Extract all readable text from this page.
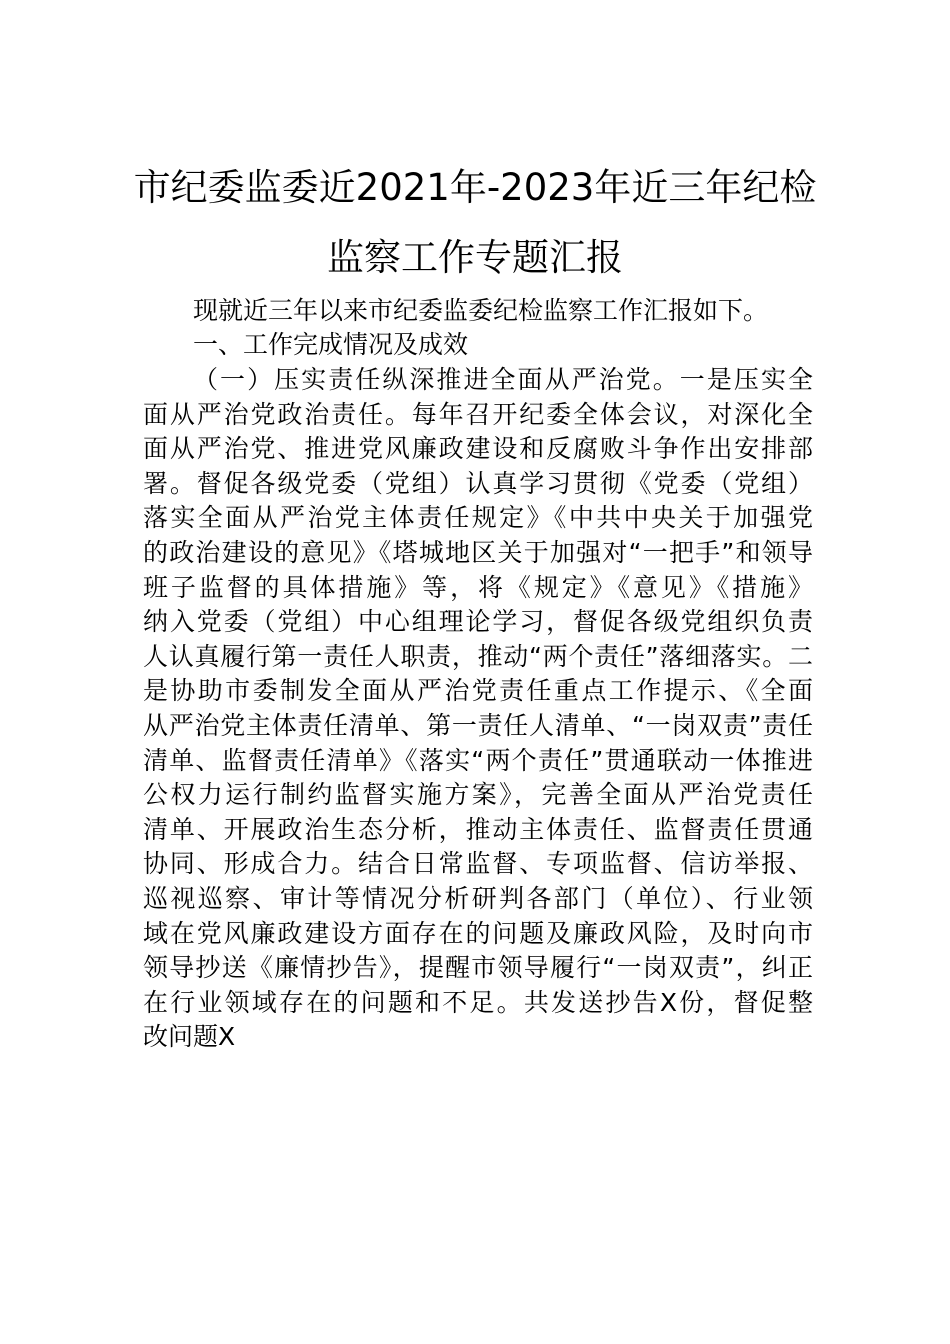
市纪委监委近2021年-2023年近三年纪检
监察工作专题汇报
现就近三年以来市纪委监委纪检监察工作汇报如下。
一、工作完成情况及成效
（一）压实责任纵深推进全面从严治党。一是压实全
面从严治党政治责任。每年召开纪委全体会议，对深化全
面从严治党、推进党风廉政建设和反腐败斗争作出安排部
署。督促各级党委（党组）认真学习贯彻《党委（党组）
落实全面从严治党主体责任规定》《中共中央关于加强党
的政治建设的意见》《塔城地区关于加强对“一把手”和领导
班子监督的具体措施》等，将《规定》《意见》《措施》
纳入党委（党组）中心组理论学习，督促各级党组织负责
人认真履行第一责任人职责，推动“两个责任”落细落实。二
是协助市委制发全面从严治党责任重点工作提示、《全面
从严治党主体责任清单、第一责任人清单、“一岗双责”责任
清单、监督责任清单》《落实“两个责任”贯通联动一体推进
公权力运行制约监督实施方案》，完善全面从严治党责任
清单、开展政治生态分析，推动主体责任、监督责任贯通
协同、形成合力。结合日常监督、专项监督、信访举报、
巡视巡察、审计等情况分析研判各部门（单位）、行业领
域在党风廉政建设方面存在的问题及廉政风险，及时向市
领导抄送《廉情抄告》，提醒市领导履行“一岗双责”，纠正
在行业领域存在的问题和不足。共发送抄告X份，督促整
改问题X
